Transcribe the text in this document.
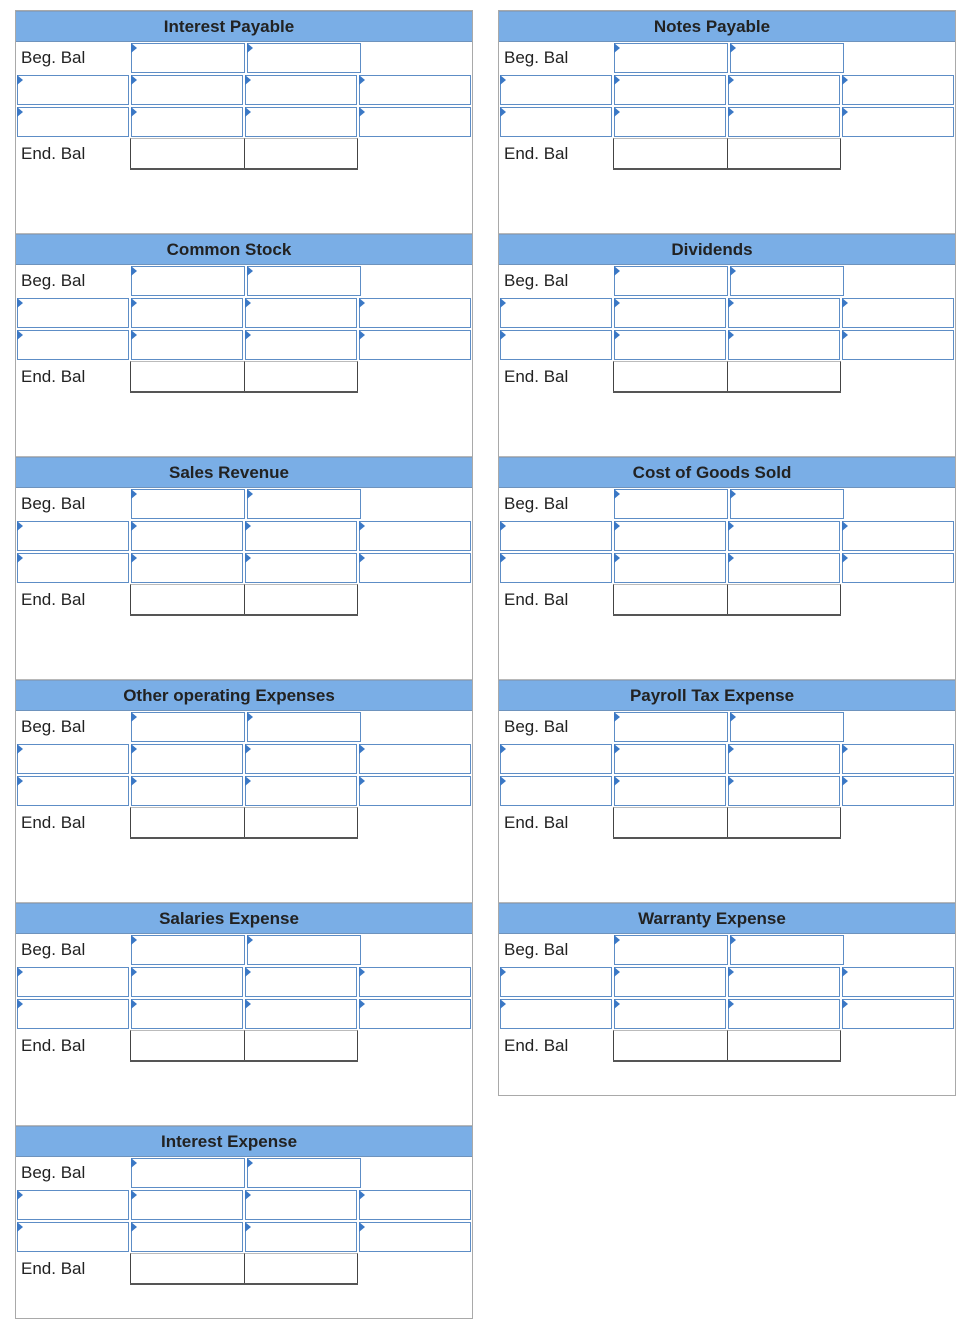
Interest Payable
Beg. Bal
End. Bal
Common Stock
Beg. Bal
End. Bal
Sales Revenue
Beg. Bal
End. Bal
Other operating Expenses
Beg. Bal
End. Bal
Salaries Expense
Beg. Bal
End. Bal
Interest Expense
Beg. Bal
End. Bal
Notes Payable
Beg. Bal
End. Bal
Dividends
Beg. Bal
End. Bal
Cost of Goods Sold
Beg. Bal
End. Bal
Payroll Tax Expense
Beg. Bal
End. Bal
Warranty Expense
Beg. Bal
End. Bal
